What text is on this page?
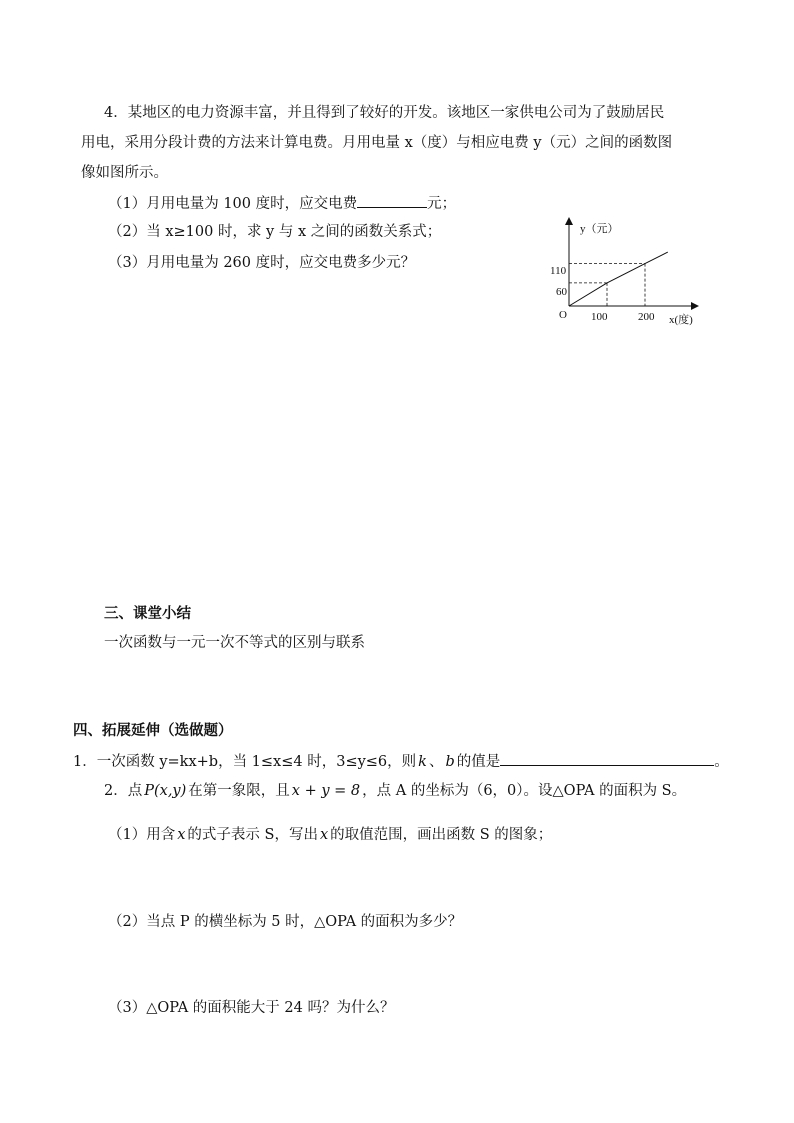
4．某地区的电力资源丰富，并且得到了较好的开发。该地区一家供电公司为了鼓励居民
用电，采用分段计费的方法来计算电费。月用电量 x（度）与相应电费 y（元）之间的函数图
像如图所示。
（1）月用电量为 100 度时，应交电费	元；
（2）当 x≥100 时，求 y 与 x 之间的函数关系式；
（3）月用电量为 260 度时，应交电费多少元？
y（元）
x(度)
O
110
60
100	200
三、课堂小结
一次函数与一元一次不等式的区别与联系
四、拓展延伸（选做题）
1．一次函数 y=kx+b，当 1≤x≤4 时，3≤y≤6，则 k 、 b 的值是	。
2．点 P(x,y) 在第一象限，且 x + y = 8 ，点 A 的坐标为（6，0）。设△OPA 的面积为 S。
（1）用含 x 的式子表示 S，写出 x 的取值范围，画出函数 S 的图象；
（2）当点 P 的横坐标为 5 时，△OPA 的面积为多少？
（3）△OPA 的面积能大于 24 吗？为什么？
